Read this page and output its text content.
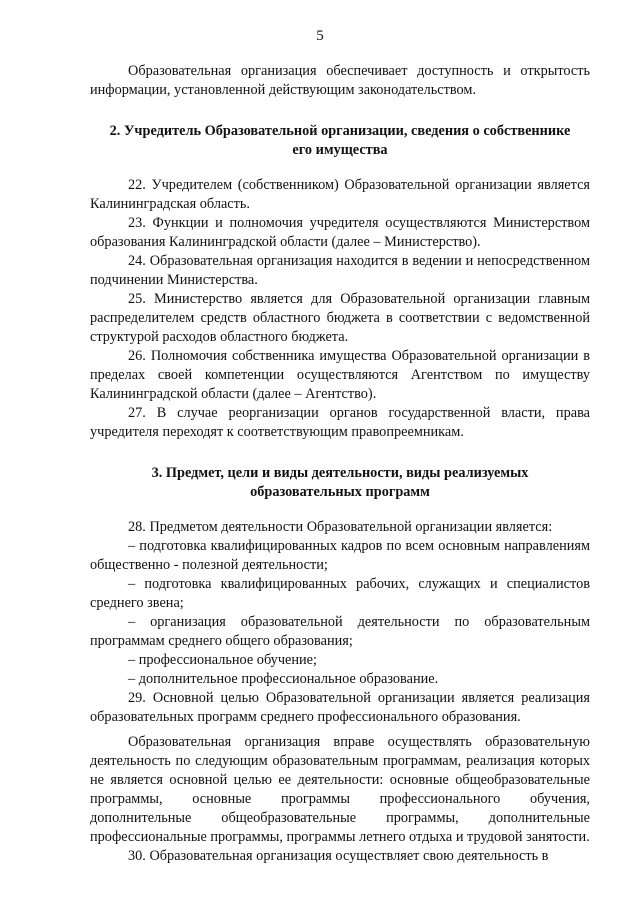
5

Образовательная организация обеспечивает доступность и открытость информации, установленной действующим законодательством.

2. Учредитель Образовательной организации, сведения о собственнике
его имущества

22. Учредителем (собственником) Образовательной организации является Калининградская область.

23. Функции и полномочия учредителя осуществляются Министерством образования Калининградской области (далее – Министерство).

24. Образовательная организация находится в ведении и непосредственном подчинении Министерства.

25. Министерство является для Образовательной организации главным распределителем средств областного бюджета в соответствии с ведомственной структурой расходов областного бюджета.

26. Полномочия собственника имущества Образовательной организации в пределах своей компетенции осуществляются Агентством по имуществу Калининградской области (далее – Агентство).

27. В случае реорганизации органов государственной власти, права учредителя переходят к соответствующим правопреемникам.

3. Предмет, цели и виды деятельности, виды реализуемых
образовательных программ

28. Предметом деятельности Образовательной организации является:

– подготовка квалифицированных кадров по всем основным направлениям общественно - полезной деятельности;

– подготовка квалифицированных рабочих, служащих и специалистов среднего звена;

– организация образовательной деятельности по образовательным программам среднего общего образования;

– профессиональное обучение;

– дополнительное профессиональное образование.

29. Основной целью Образовательной организации является реализация образовательных программ среднего профессионального образования.

Образовательная организация вправе осуществлять образовательную деятельность по следующим образовательным программам, реализация которых не является основной целью ее деятельности: основные общеобразовательные программы, основные программы профессионального обучения, дополнительные общеобразовательные программы, дополнительные профессиональные программы, программы летнего отдыха и трудовой занятости.

30. Образовательная организация осуществляет свою деятельность в
